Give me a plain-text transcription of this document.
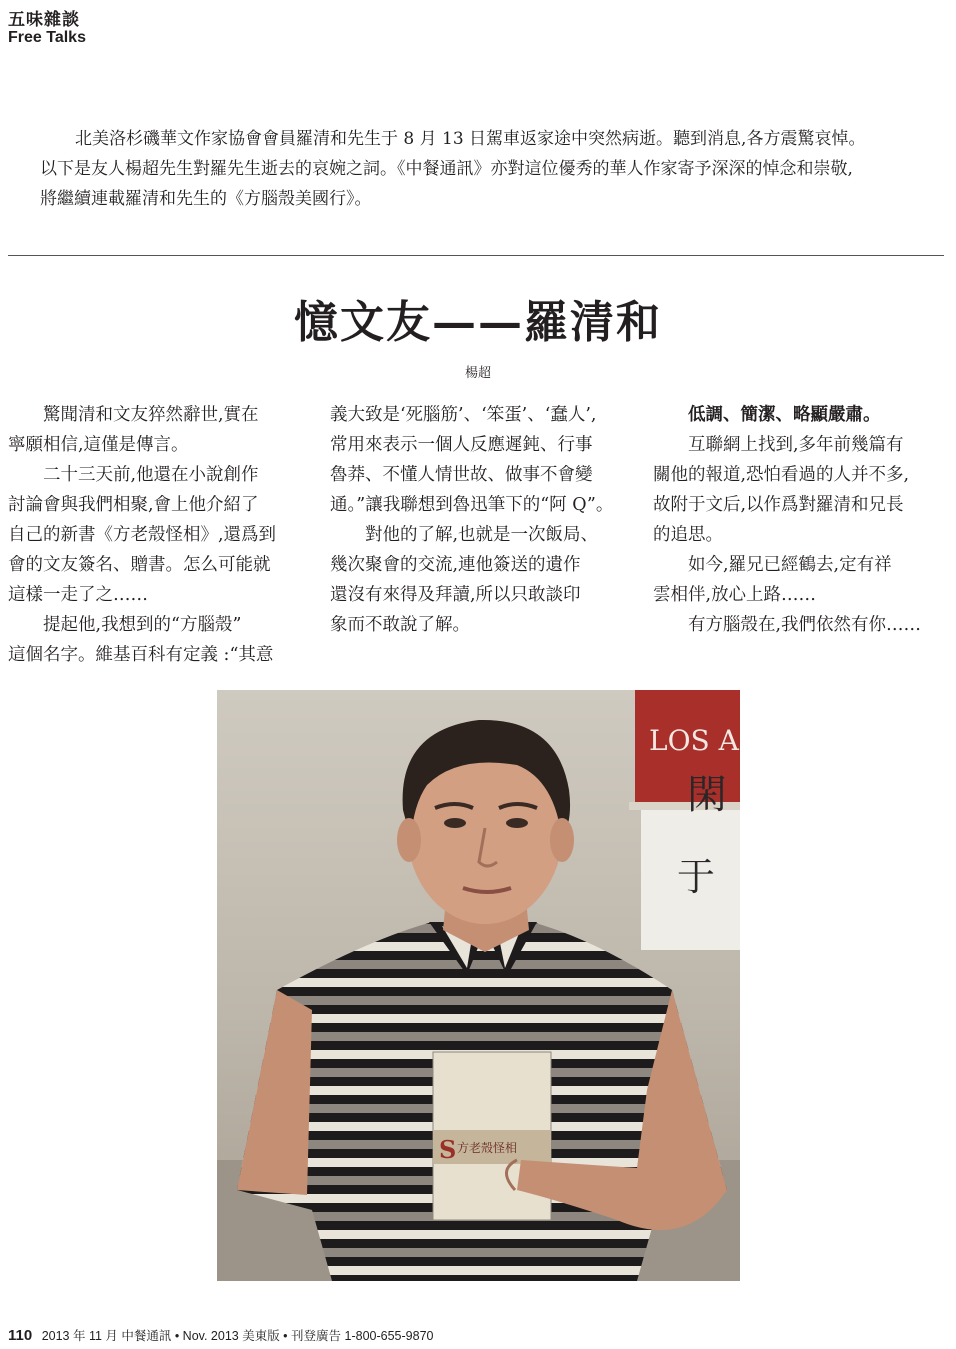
五味雜談
Free Talks

北美洛杉磯華文作家協會會員羅清和先生于 8 月 13 日駕車返家途中突然病逝。聽到消息,各方震驚哀悼。
以下是友人楊超先生對羅先生逝去的哀婉之詞。《中餐通訊》亦對這位優秀的華人作家寄予深深的悼念和崇敬,
將繼續連載羅清和先生的《方腦殼美國行》。

憶文友——羅清和
楊超
驚聞清和文友猝然辭世,實在
寧願相信,這僅是傳言。
二十三天前,他還在小說創作
討論會與我們相聚,會上他介紹了
自己的新書《方老殼怪相》,還爲到
會的文友簽名、贈書。怎么可能就
這樣一走了之……
提起他,我想到的“方腦殼”
這個名字。維基百科有定義 :“其意
義大致是‘死腦筋’、‘笨蛋’、‘蠢人’,
常用來表示一個人反應遲鈍、行事
魯莽、不懂人情世故、做事不會變
通。”讓我聯想到魯迅筆下的“阿 Q”。
對他的了解,也就是一次飯局、
幾次聚會的交流,連他簽送的遺作
還沒有來得及拜讀,所以只敢談印
象而不敢說了解。
低調、簡潔、略顯嚴肅。
互聯網上找到,多年前幾篇有
關他的報道,恐怕看過的人并不多,
故附于文后,以作爲對羅清和兄長
的追思。
如今,羅兄已經鶴去,定有祥
雲相伴,放心上路……
有方腦殼在,我們依然有你……
LOS A
閑
于
S 方老殼怪相
110 2013 年 11 月 中餐通訊 • Nov. 2013 美東版 • 刊登廣告 1-800-655-9870
